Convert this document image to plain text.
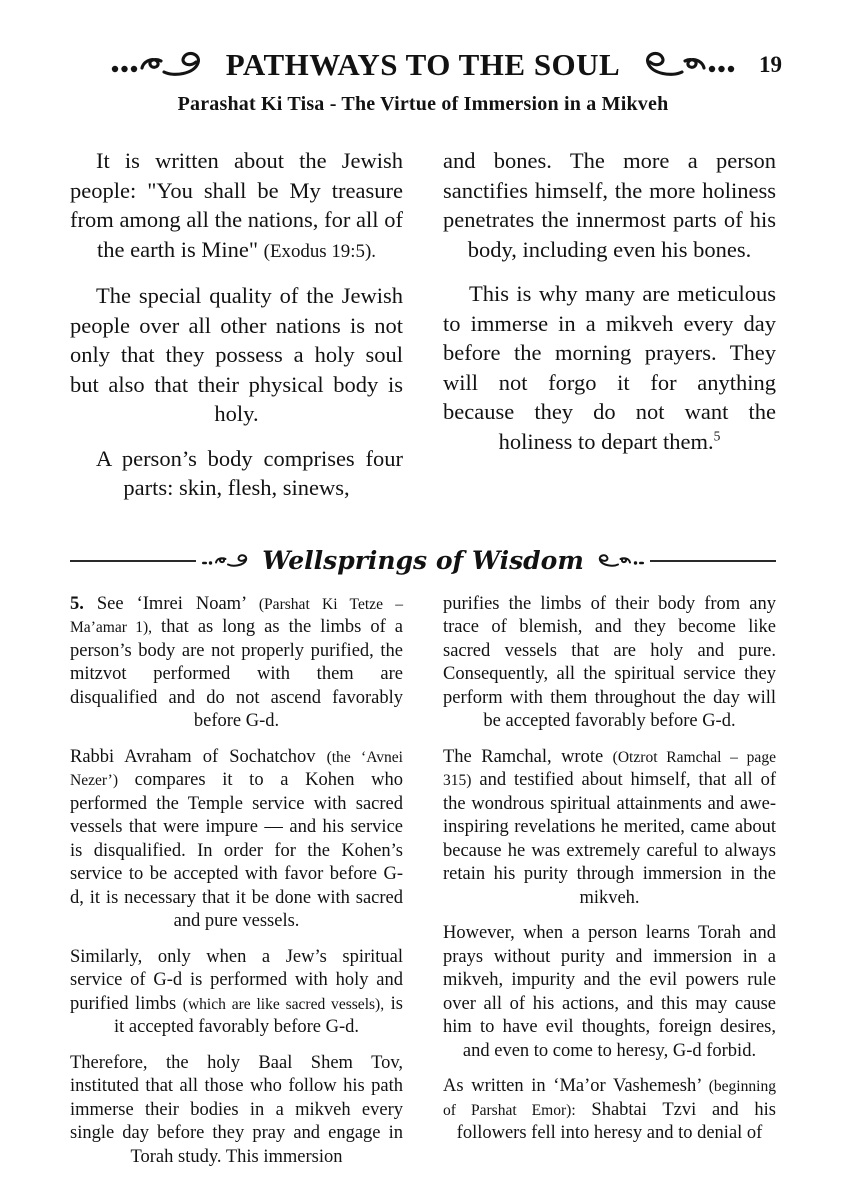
PATHWAYS TO THE SOUL	19
Parashat Ki Tisa - The Virtue of Immersion in a Mikveh

It is written about the Jewish people: "You shall be My treasure from among all the nations, for all of the earth is Mine" (Exodus 19:5).

The special quality of the Jewish people over all other nations is not only that they possess a holy soul but also that their physical body is holy.

A person’s body comprises four parts: skin, flesh, sinews,

and bones. The more a person sanctifies himself, the more holiness penetrates the innermost parts of his body, including even his bones.

This is why many are meticulous to immerse in a mikveh every day before the morning prayers. They will not forgo it for anything because they do not want the holiness to depart them.$^5$

Wellsprings of Wisdom

5. See ‘Imrei Noam’ (Parshat Ki Tetze – Ma’amar 1), that as long as the limbs of a person’s body are not properly purified, the mitzvot performed with them are disqualified and do not ascend favorably before G-d.

Rabbi Avraham of Sochatchov (the ‘Avnei Nezer’) compares it to a Kohen who performed the Temple service with sacred vessels that were impure — and his service is disqualified. In order for the Kohen’s service to be accepted with favor before G-d, it is necessary that it be done with sacred and pure vessels.

Similarly, only when a Jew’s spiritual service of G-d is performed with holy and purified limbs (which are like sacred vessels), is it accepted favorably before G-d.

Therefore, the holy Baal Shem Tov, instituted that all those who follow his path immerse their bodies in a mikveh every single day before they pray and engage in Torah study. This immersion

purifies the limbs of their body from any trace of blemish, and they become like sacred vessels that are holy and pure. Consequently, all the spiritual service they perform with them throughout the day will be accepted favorably before G-d.

The Ramchal, wrote (Otzrot Ramchal – page 315) and testified about himself, that all of the wondrous spiritual attainments and awe-inspiring revelations he merited, came about because he was extremely careful to always retain his purity through immersion in the mikveh.

However, when a person learns Torah and prays without purity and immersion in a mikveh, impurity and the evil powers rule over all of his actions, and this may cause him to have evil thoughts, foreign desires, and even to come to heresy, G-d forbid.

As written in ‘Ma’or Vashemesh’ (beginning of Parshat Emor): Shabtai Tzvi and his followers fell into heresy and to denial of
